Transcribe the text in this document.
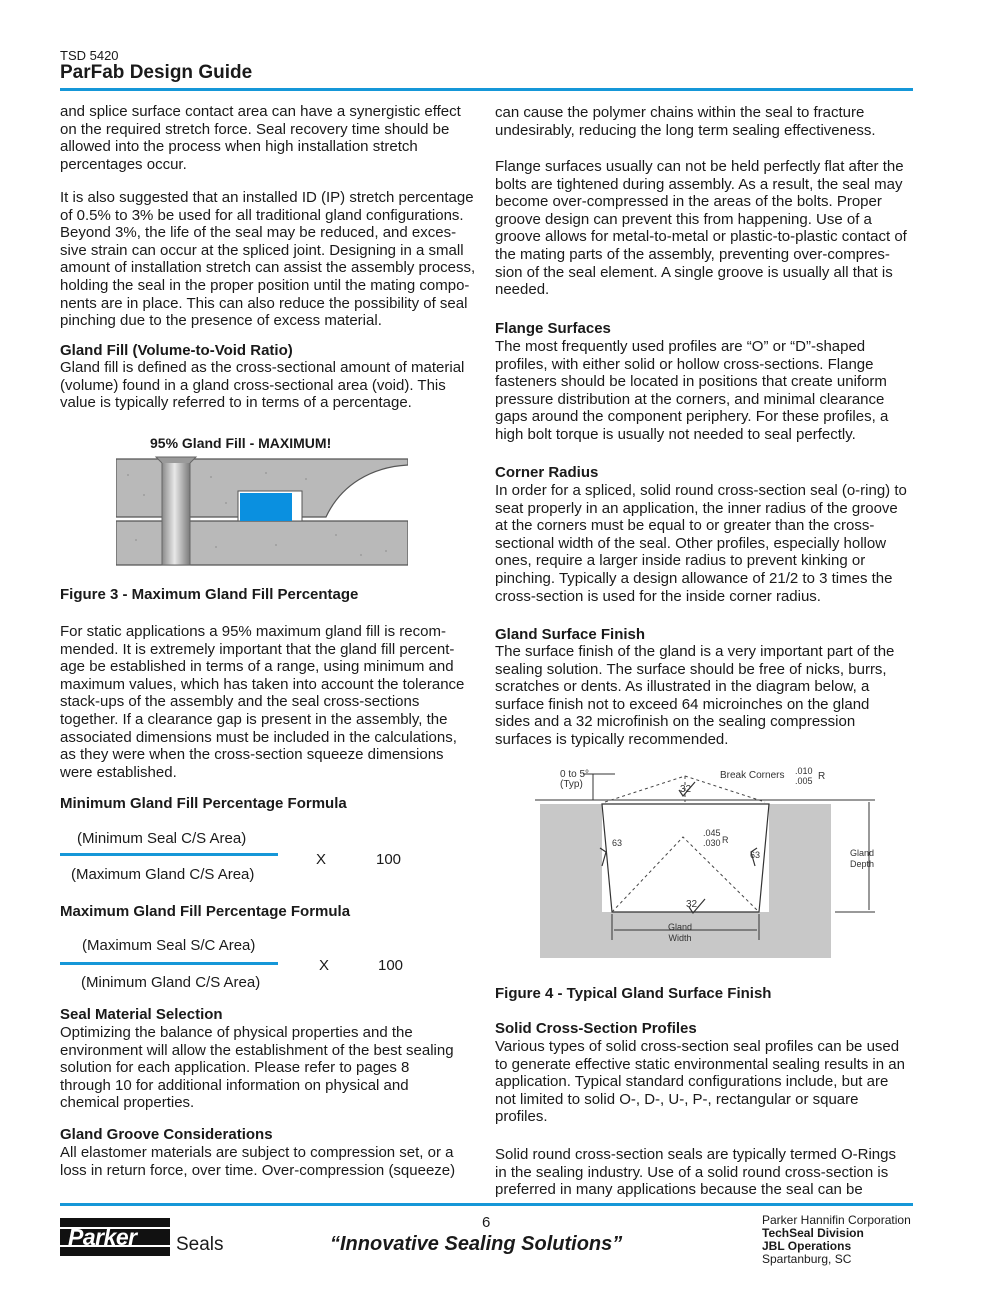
TSD 5420
ParFab Design Guide

and splice surface contact area can have a synergistic effect
on the required stretch force. Seal recovery time should be
allowed into the process when high installation stretch
percentages occur.

It is also suggested that an installed ID (IP) stretch percentage
of 0.5% to 3% be used for all traditional gland configurations.
Beyond 3%, the life of the seal may be reduced, and exces-
sive strain can occur at the spliced joint. Designing in a small
amount of installation stretch can assist the assembly process,
holding the seal in the proper position until the mating compo-
nents are in place. This can also reduce the possibility of seal
pinching due to the presence of excess material.

Gland Fill (Volume-to-Void Ratio)

Gland fill is defined as the cross-sectional amount of material
(volume) found in a gland cross-sectional area (void). This
value is typically referred to in terms of a percentage.

95% Gland Fill - MAXIMUM!
Figure 3 - Maximum Gland Fill Percentage

For static applications a 95% maximum gland fill is recom-
mended. It is extremely important that the gland fill percent-
age be established in terms of a range, using minimum and
maximum values, which has taken into account the tolerance
stack-ups of the assembly and the seal cross-sections
together. If a clearance gap is present in the assembly, the
associated dimensions must be included in the calculations,
as they were when the cross-section squeeze dimensions
were established.

Minimum Gland Fill Percentage Formula
(Minimum Seal C/S Area)
X	100
(Maximum Gland C/S Area)
Maximum Gland Fill Percentage Formula
(Maximum Seal S/C Area)
X	100
(Minimum Gland C/S Area)
Seal Material Selection

Optimizing the balance of physical properties and the
environment will allow the establishment of the best sealing
solution for each application. Please refer to pages 8
through 10 for additional information on physical and
chemical properties.

Gland Groove Considerations

All elastomer materials are subject to compression set, or a
loss in return force, over time. Over-compression (squeeze)

can cause the polymer chains within the seal to fracture
undesirably, reducing the long term sealing effectiveness.

Flange surfaces usually can not be held perfectly flat after the
bolts are tightened during assembly. As a result, the seal may
become over-compressed in the areas of the bolts. Proper
groove design can prevent this from happening. Use of a
groove allows for metal-to-metal or plastic-to-plastic contact of
the mating parts of the assembly, preventing over-compres-
sion of the seal element. A single groove is usually all that is
needed.

Flange Surfaces

The most frequently used profiles are “O” or “D”-shaped
profiles, with either solid or hollow cross-sections. Flange
fasteners should be located in positions that create uniform
pressure distribution at the corners, and minimal clearance
gaps around the component periphery. For these profiles, a
high bolt torque is usually not needed to seal perfectly.

Corner Radius

In order for a spliced, solid round cross-section seal (o-ring) to
seat properly in an application, the inner radius of the groove
at the corners must be equal to or greater than the cross-
sectional width of the seal. Other profiles, especially hollow
ones, require a larger inside radius to prevent kinking or
pinching. Typically a design allowance of 21/2 to 3 times the
cross-section is used for the inside corner radius.

Gland Surface Finish

The surface finish of the gland is a very important part of the
sealing solution. The surface should be free of nicks, burrs,
scratches or dents. As illustrated in the diagram below, a
surface finish not to exceed 64 microinches on the gland
sides and a 32 microfinish on the sealing compression
surfaces is typically recommended.

0 to 5°
(Typ)
Break Corners .010
.005 R
32
63
.045
.030 R
63
32
Gland
Width
Gland
Depth
Figure 4 - Typical Gland Surface Finish
Solid Cross-Section Profiles

Various types of solid cross-section seal profiles can be used
to generate effective static environmental sealing results in an
application. Typical standard configurations include, but are
not limited to solid O-, D-, U-, P-, rectangular or square
profiles.

Solid round cross-section seals are typically termed O-Rings
in the sealing industry. Use of a solid round cross-section is
preferred in many applications because the seal can be

Parker Seals
6
“Innovative Sealing Solutions”
Parker Hannifin Corporation
TechSeal Division
JBL Operations
Spartanburg, SC
